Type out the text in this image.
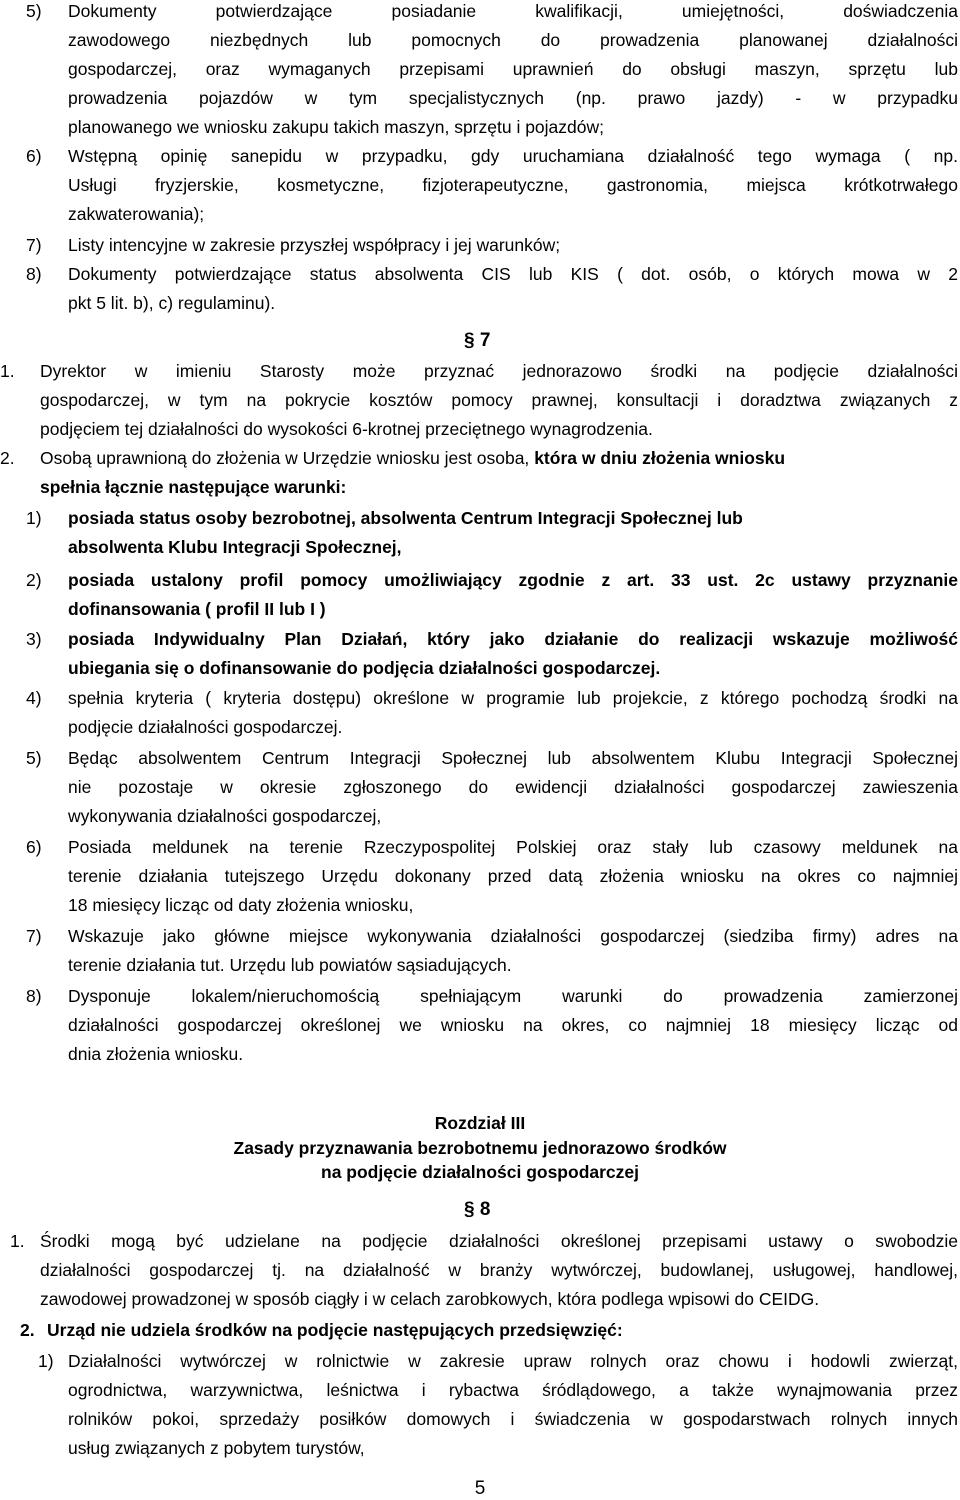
5) Dokumenty potwierdzające posiadanie kwalifikacji, umiejętności, doświadczenia
zawodowego niezbędnych lub pomocnych do prowadzenia planowanej działalności
gospodarczej, oraz wymaganych przepisami uprawnień do obsługi maszyn, sprzętu lub
prowadzenia pojazdów w tym specjalistycznych (np. prawo jazdy) - w przypadku
planowanego we wniosku zakupu takich maszyn, sprzętu i pojazdów;
6) Wstępną opinię sanepidu w przypadku, gdy uruchamiana działalność tego wymaga ( np.
Usługi fryzjerskie, kosmetyczne, fizjoterapeutyczne, gastronomia, miejsca krótkotrwałego
zakwaterowania);
7) Listy intencyjne w zakresie przyszłej współpracy i jej warunków;
8) Dokumenty potwierdzające status absolwenta CIS lub KIS ( dot. osób, o których mowa w 2
pkt 5 lit. b), c) regulaminu).
§ 7
1. Dyrektor w imieniu Starosty może przyznać jednorazowo środki na podjęcie działalności
gospodarczej, w tym na pokrycie kosztów pomocy prawnej, konsultacji i doradztwa związanych z
podjęciem tej działalności do wysokości 6-krotnej przeciętnego wynagrodzenia.
2. Osobą uprawnioną do złożenia w Urzędzie wniosku jest osoba, która w dniu złożenia wniosku
spełnia łącznie następujące warunki:
1) posiada status osoby bezrobotnej, absolwenta Centrum Integracji Społecznej lub
absolwenta Klubu Integracji Społecznej,
2) posiada ustalony profil pomocy umożliwiający zgodnie z art. 33 ust. 2c ustawy przyznanie
dofinansowania ( profil II lub I )
3) posiada Indywidualny Plan Działań, który jako działanie do realizacji wskazuje możliwość
ubiegania się o dofinansowanie do podjęcia działalności gospodarczej.
4) spełnia kryteria ( kryteria dostępu) określone w programie lub projekcie, z którego pochodzą środki na
podjęcie działalności gospodarczej.
5) Będąc absolwentem Centrum Integracji Społecznej lub absolwentem Klubu Integracji Społecznej
nie pozostaje w okresie zgłoszonego do ewidencji działalności gospodarczej zawieszenia
wykonywania działalności gospodarczej,
6) Posiada meldunek na terenie Rzeczypospolitej Polskiej oraz stały lub czasowy meldunek na
terenie działania tutejszego Urzędu dokonany przed datą złożenia wniosku na okres co najmniej
18 miesięcy licząc od daty złożenia wniosku,
7) Wskazuje jako główne miejsce wykonywania działalności gospodarczej (siedziba firmy) adres na
terenie działania tut. Urzędu lub powiatów sąsiadujących.
8) Dysponuje lokalem/nieruchomością spełniającym warunki do prowadzenia zamierzonej
działalności gospodarczej określonej we wniosku na okres, co najmniej 18 miesięcy licząc od
dnia złożenia wniosku.
Rozdział III
Zasady przyznawania bezrobotnemu jednorazowo środków
na podjęcie działalności gospodarczej
§ 8
1. Środki mogą być udzielane na podjęcie działalności określonej przepisami ustawy o swobodzie
działalności gospodarczej tj. na działalność w branży wytwórczej, budowlanej, usługowej, handlowej,
zawodowej prowadzonej w sposób ciągły i w celach zarobkowych, która podlega wpisowi do CEIDG.
2. Urząd nie udziela środków na podjęcie następujących przedsięwzięć:
1) Działalności wytwórczej w rolnictwie w zakresie upraw rolnych oraz chowu i hodowli zwierząt,
ogrodnictwa, warzywnictwa, leśnictwa i rybactwa śródlądowego, a także wynajmowania przez
rolników pokoi, sprzedaży posiłków domowych i świadczenia w gospodarstwach rolnych innych
usług związanych z pobytem turystów,
5
